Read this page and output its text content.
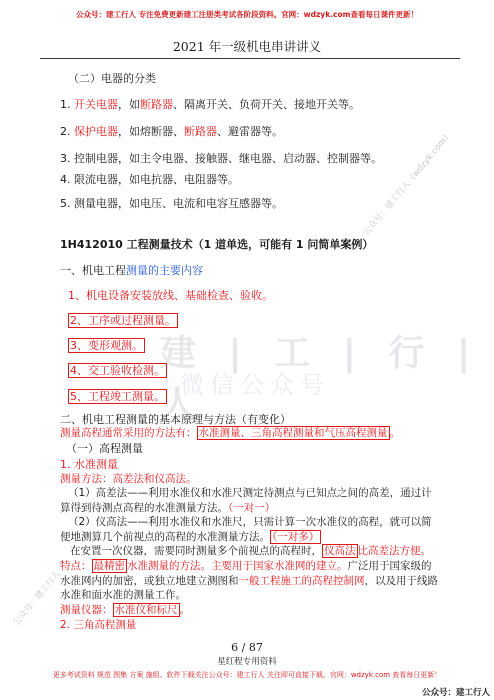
建 | 工 | 行 | 人
微信公众号
公众号：建工行人（wdzyk.com）
公众号：建工行人
公众号：建工行人 专注免费更新建工注册类考试各阶段资料。官网：wdzyk.com查看每日课件更新！
2021 年一级机电串讲讲义
（二）电器的分类
1. 开关电器，如断路器、隔离开关、负荷开关、接地开关等。
2. 保护电器，如熔断器、断路器、避雷器等。
3. 控制电器，如主令电器、接触器、继电器、启动器、控制器等。
4. 限流电器，如电抗器、电阻器等。
5. 测量电器，如电压、电流和电容互感器等。
1H412010 工程测量技术（1 道单选，可能有 1 问简单案例）
一、机电工程测量的主要内容
1、机电设备安装放线、基础检查、验收。
2、工序或过程测量。
3、变形观测。
4、交工验收检测。
5、工程竣工测量。
二、机电工程测量的基本原理与方法（有变化）
测量高程通常采用的方法有： 水准测量、三角高程测量和气压高程测量 。
（一）高程测量
1. 水准测量
测量方法：高差法和仪高法。
（1）高差法——利用水准仪和水准尺测定待测点与已知点之间的高差，通过计算得到待测点高程的水准测量方法。（一对一）
（2）仪高法——利用水准仪和水准尺，只需计算一次水准仪的高程，就可以简便地测算几个前视点的高程的水准测量方法。 （一对多）
在安置一次仪器，需要同时测量多个前视点的高程时， 仪高法 比高差法方便。
特点： 最精密 水准测量的方法。主要用于国家水准网的建立。广泛用于国家级的水准网内的加密，或独立地建立测图和一般工程施工的高程控制网，以及用于线路水准和面水准的测量工作。
测量仪器： 水准仪和标尺 。
2. 三角高程测量
6 / 87
星红程专用资料
更多考试资料 规范 图集 方案 施组、软件下载关注公众号：建工行人 关注即可直接下载。官网：wdzyk.com 查看每日更新！
公众号：建工行人
